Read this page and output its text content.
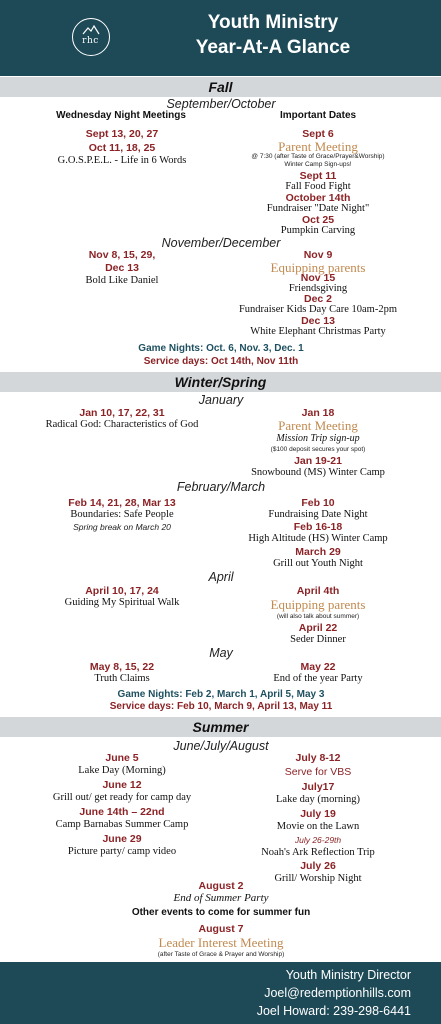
rhc
Youth Ministry
Year-At-A Glance
Fall
September/October
Wednesday Night Meetings	Important Dates
Sept 13, 20, 27
Oct 11, 18, 25
G.O.S.P.E.L. - Life in 6 Words
Sept 6
Parent Meeting
@ 7:30 (after Taste of Grace/Prayer&Worship)
Winter Camp Sign-ups!
Sept 11
Fall Food Fight
October 14th
Fundraiser "Date Night"
Oct 25
Pumpkin Carving
November/December
Nov 8, 15, 29,
Dec 13
Bold Like Daniel
Nov 9
Equipping parents
Nov 15
Friendsgiving
Dec 2
Fundraiser Kids Day Care 10am-2pm
Dec 13
White Elephant Christmas Party
Game Nights: Oct. 6, Nov. 3, Dec. 1
Service days: Oct 14th, Nov 11th
Winter/Spring
January
Jan 10, 17, 22, 31
Radical God: Characteristics of God
Jan 18
Parent Meeting
Mission Trip sign-up
($100 deposit secures your spot)
Jan 19-21
Snowbound (MS) Winter Camp
February/March
Feb 14, 21, 28, Mar 13
Boundaries: Safe People
Spring break on March 20
Feb 10
Fundraising Date Night
Feb 16-18
High Altitude (HS) Winter Camp
March 29
Grill out Youth Night
April
April 10, 17, 24
Guiding My Spiritual Walk
April 4th
Equipping parents
(will also talk about summer)
April 22
Seder Dinner
May
May 8, 15, 22
Truth Claims
May 22
End of the year Party
Game Nights: Feb 2, March 1, April 5, May 3
Service days: Feb 10, March 9, April 13, May 11
Summer
June/July/August
June 5
Lake Day (Morning)
June 12
Grill out/ get ready for camp day
June 14th – 22nd
Camp Barnabas Summer Camp
June 29
Picture party/ camp video
July 8-12
Serve for VBS
July17
Lake day (morning)
July 19
Movie on the Lawn
July 26-29th
Noah's Ark Reflection Trip
July 26
Grill/ Worship Night
August 2
End of Summer Party
Other events to come for summer fun
August 7
Leader Interest Meeting
(after Taste of Grace & Prayer and Worship)
Youth Ministry Director
Joel@redemptionhills.com
Joel Howard: 239-298-6441
